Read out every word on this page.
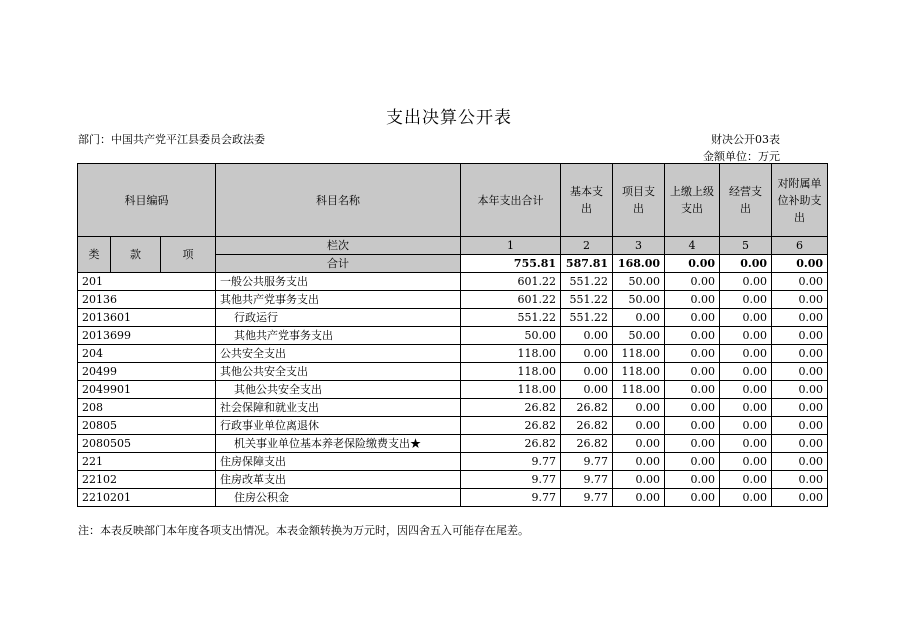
支出决算公开表
部门：中国共产党平江县委员会政法委	财决公开03表
金额单位：万元
科目编码			科目名称	本年支出合计	基本支出	项目支出	上缴上级支出	经营支出	对附属单位补助支出
类	款	项	栏次	1	2	3	4	5	6
			合计	755.81	587.81	168.00	0.00	0.00	0.00
201			一般公共服务支出	601.22	551.22	50.00	0.00	0.00	0.00
20136			其他共产党事务支出	601.22	551.22	50.00	0.00	0.00	0.00
2013601			行政运行	551.22	551.22	0.00	0.00	0.00	0.00
2013699			其他共产党事务支出	50.00	0.00	50.00	0.00	0.00	0.00
204			公共安全支出	118.00	0.00	118.00	0.00	0.00	0.00
20499			其他公共安全支出	118.00	0.00	118.00	0.00	0.00	0.00
2049901			其他公共安全支出	118.00	0.00	118.00	0.00	0.00	0.00
208			社会保障和就业支出	26.82	26.82	0.00	0.00	0.00	0.00
20805			行政事业单位离退休	26.82	26.82	0.00	0.00	0.00	0.00
2080505			机关事业单位基本养老保险缴费支出★	26.82	26.82	0.00	0.00	0.00	0.00
221			住房保障支出	9.77	9.77	0.00	0.00	0.00	0.00
22102			住房改革支出	9.77	9.77	0.00	0.00	0.00	0.00
2210201			住房公积金	9.77	9.77	0.00	0.00	0.00	0.00
注：本表反映部门本年度各项支出情况。本表金额转换为万元时，因四舍五入可能存在尾差。
